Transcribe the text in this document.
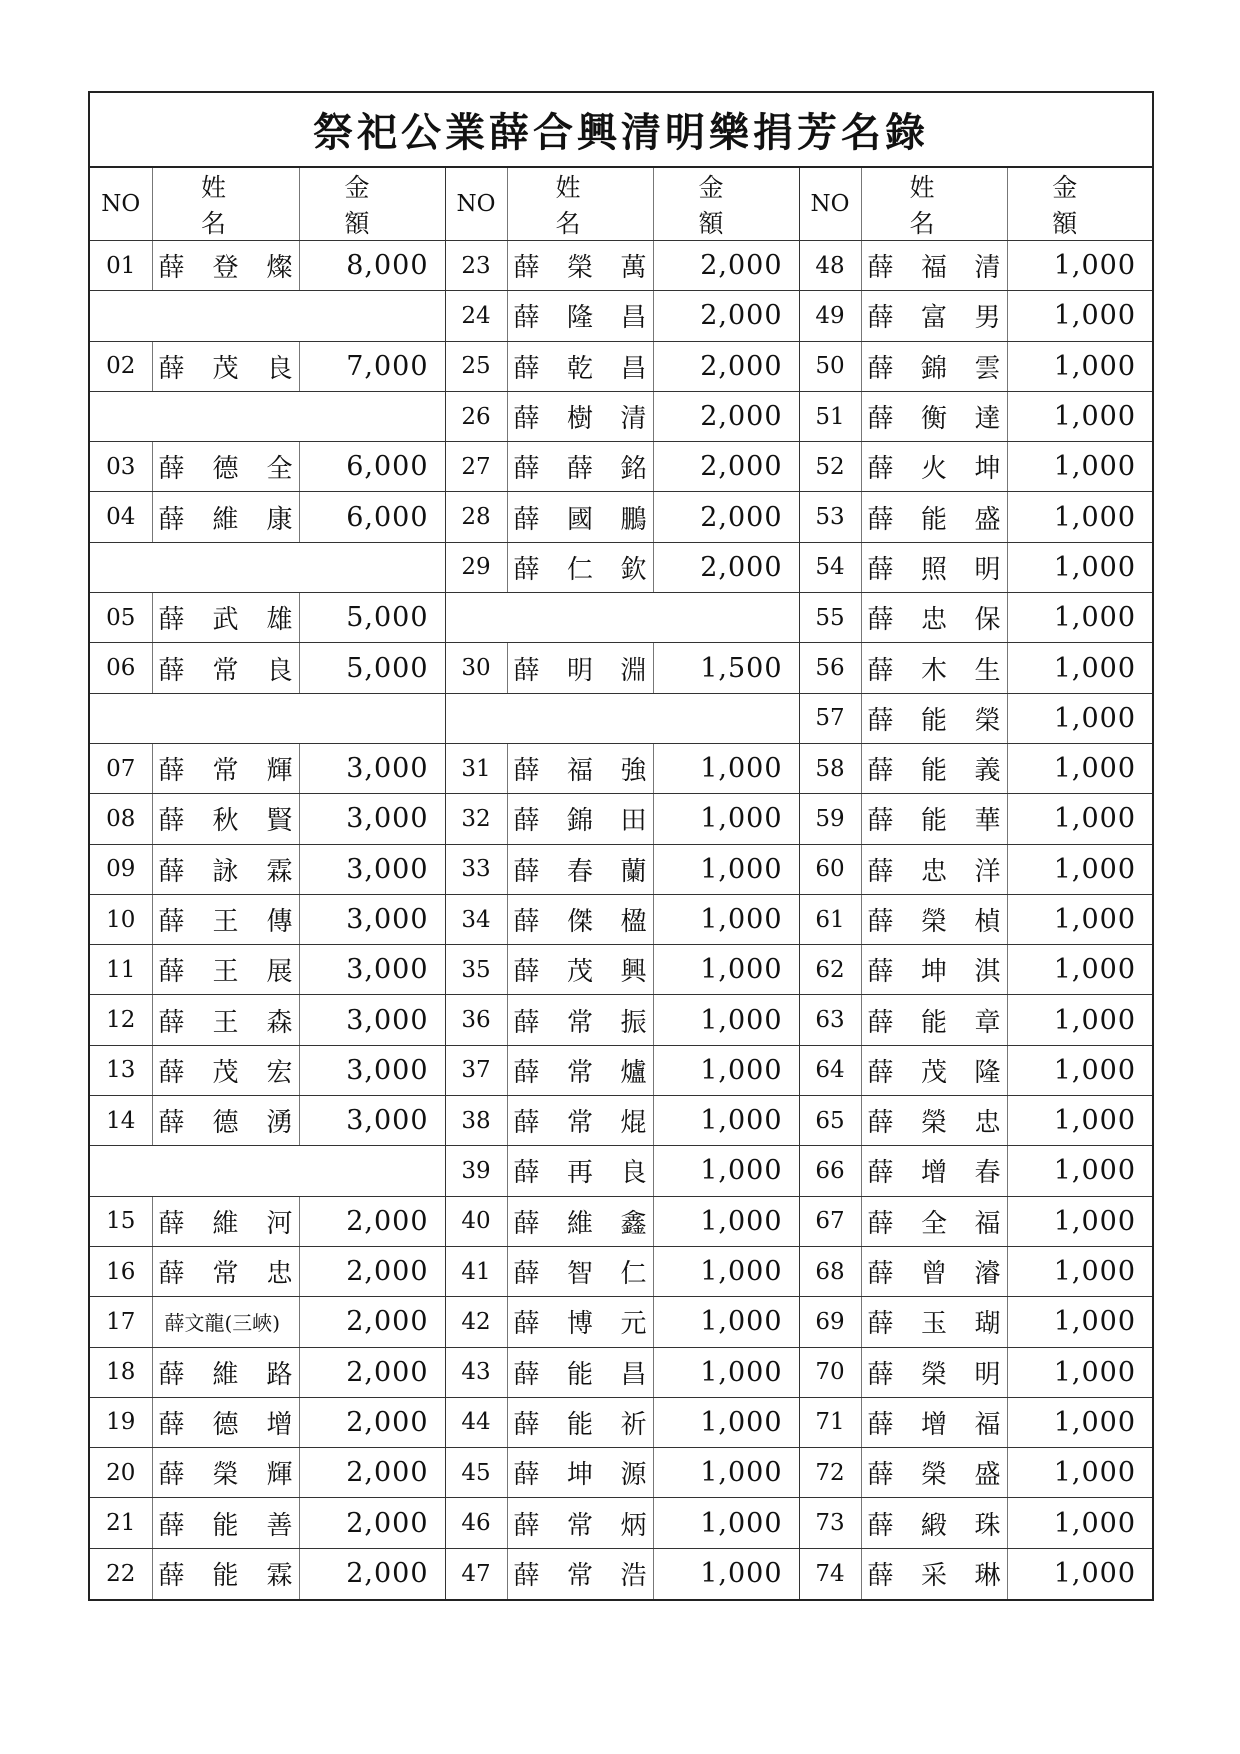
祭祀公業薛合興清明樂捐芳名錄
NO	姓　名	金　額	NO	姓　名	金　額	NO	姓　名	金　額
01	薛 登 燦	8,000	23	薛 榮 萬	2,000	48	薛 福 清	1,000
			24	薛 隆 昌	2,000	49	薛 富 男	1,000
02	薛 茂 良	7,000	25	薛 乾 昌	2,000	50	薛 錦 雲	1,000
			26	薛 樹 清	2,000	51	薛 衡 達	1,000
03	薛 德 全	6,000	27	薛 薛 銘	2,000	52	薛 火 坤	1,000
04	薛 維 康	6,000	28	薛 國 鵬	2,000	53	薛 能 盛	1,000
			29	薛 仁 欽	2,000	54	薛 照 明	1,000
05	薛 武 雄	5,000				55	薛 忠 保	1,000
06	薛 常 良	5,000	30	薛 明 淵	1,500	56	薛 木 生	1,000
						57	薛 能 榮	1,000
07	薛 常 輝	3,000	31	薛 福 強	1,000	58	薛 能 義	1,000
08	薛 秋 賢	3,000	32	薛 錦 田	1,000	59	薛 能 華	1,000
09	薛 詠 霖	3,000	33	薛 春 蘭	1,000	60	薛 忠 洋	1,000
10	薛 王 傳	3,000	34	薛 傑 楹	1,000	61	薛 榮 楨	1,000
11	薛 王 展	3,000	35	薛 茂 興	1,000	62	薛 坤 淇	1,000
12	薛 王 森	3,000	36	薛 常 振	1,000	63	薛 能 章	1,000
13	薛 茂 宏	3,000	37	薛 常 爐	1,000	64	薛 茂 隆	1,000
14	薛 德 湧	3,000	38	薛 常 焜	1,000	65	薛 榮 忠	1,000
			39	薛 再 良	1,000	66	薛 增 春	1,000
15	薛 維 河	2,000	40	薛 維 鑫	1,000	67	薛 全 福	1,000
16	薛 常 忠	2,000	41	薛 智 仁	1,000	68	薛 曾 濬	1,000
17	薛文龍(三峽)	2,000	42	薛 博 元	1,000	69	薛 玉 瑚	1,000
18	薛 維 路	2,000	43	薛 能 昌	1,000	70	薛 榮 明	1,000
19	薛 德 增	2,000	44	薛 能 祈	1,000	71	薛 增 福	1,000
20	薛 榮 輝	2,000	45	薛 坤 源	1,000	72	薛 榮 盛	1,000
21	薛 能 善	2,000	46	薛 常 炳	1,000	73	薛 緞 珠	1,000
22	薛 能 霖	2,000	47	薛 常 浩	1,000	74	薛 采 琳	1,000
